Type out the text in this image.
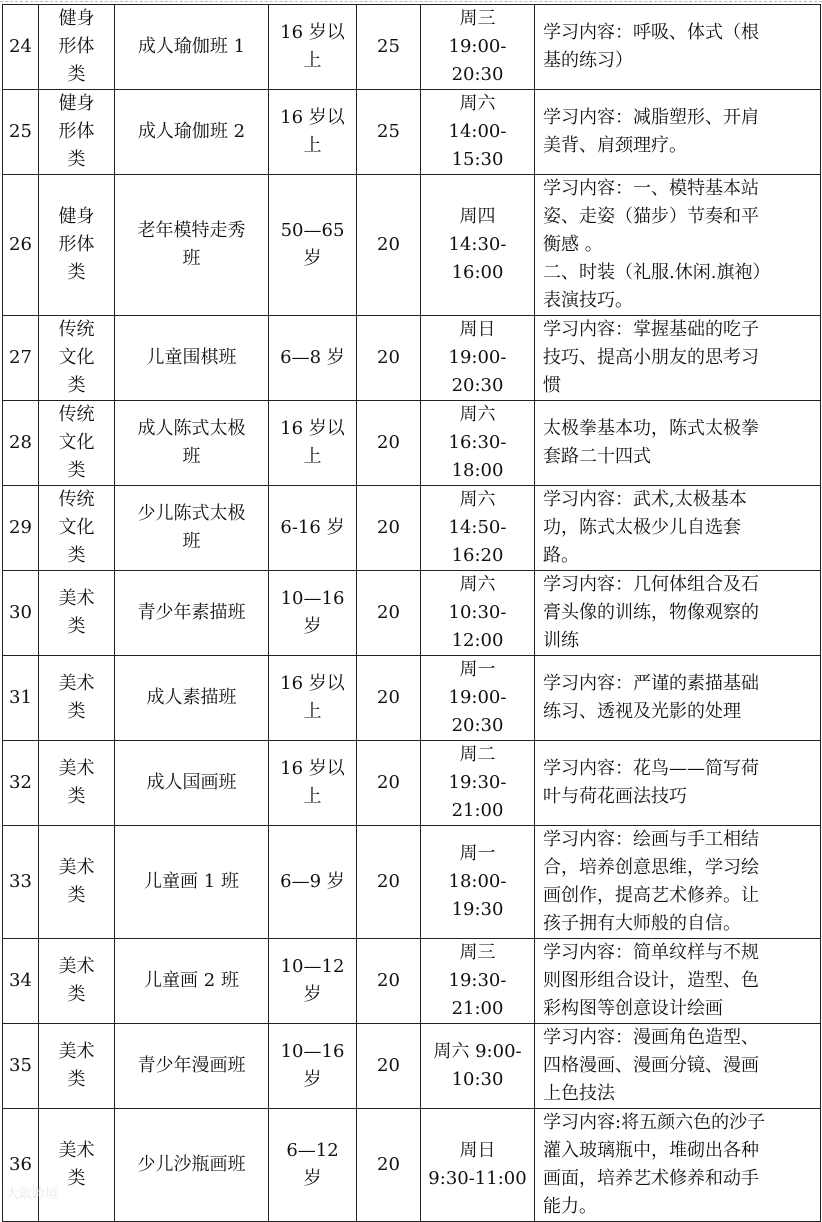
24	健身
形体
类	成人瑜伽班 1	16 岁以
上	25	周三
19:00-
20:30	学习内容：呼吸、体式（根
基的练习）
25	健身
形体
类	成人瑜伽班 2	16 岁以
上	25	周六
14:00-
15:30	学习内容：减脂塑形、开肩
美背、肩颈理疗。
26	健身
形体
类	老年模特走秀
班	50—65
岁	20	周四
14:30-
16:00	学习内容：一、模特基本站
姿、走姿（猫步）节奏和平
衡感 。
二、时装（礼服.休闲.旗袍）
表演技巧。
27	传统
文化
类	儿童围棋班	6—8 岁	20	周日
19:00-
20:30	学习内容：掌握基础的吃子
技巧、提高小朋友的思考习
惯
28	传统
文化
类	成人陈式太极
班	16 岁以
上	20	周六
16:30-
18:00	太极拳基本功，陈式太极拳
套路二十四式
29	传统
文化
类	少儿陈式太极
班	6-16 岁	20	周六
14:50-
16:20	学习内容：武术,太极基本
功，陈式太极少儿自选套
路。
30	美术
类	青少年素描班	10—16
岁	20	周六
10:30-
12:00	学习内容：几何体组合及石
膏头像的训练，物像观察的
训练
31	美术
类	成人素描班	16 岁以
上	20	周一
19:00-
20:30	学习内容：严谨的素描基础
练习、透视及光影的处理
32	美术
类	成人国画班	16 岁以
上	20	周二
19:30-
21:00	学习内容：花鸟——简写荷
叶与荷花画法技巧
33	美术
类	儿童画 1 班	6—9 岁	20	周一
18:00-
19:30	学习内容：绘画与手工相结
合，培养创意思维，学习绘
画创作，提高艺术修养。让
孩子拥有大师般的自信。
34	美术
类	儿童画 2 班	10—12
岁	20	周三
19:30-
21:00	学习内容：简单纹样与不规
则图形组合设计，造型、色
彩构图等创意设计绘画
35	美术
类	青少年漫画班	10—16
岁	20	周六 9:00-
10:30	学习内容：漫画角色造型、
四格漫画、漫画分镜、漫画
上色技法
36	美术
类	少儿沙瓶画班	6—12
岁	20	周日
9:30-11:00	学习内容:将五颜六色的沙子
灌入玻璃瓶中，堆砌出各种
画面，培养艺术修养和动手
能力。
大敢跨境
